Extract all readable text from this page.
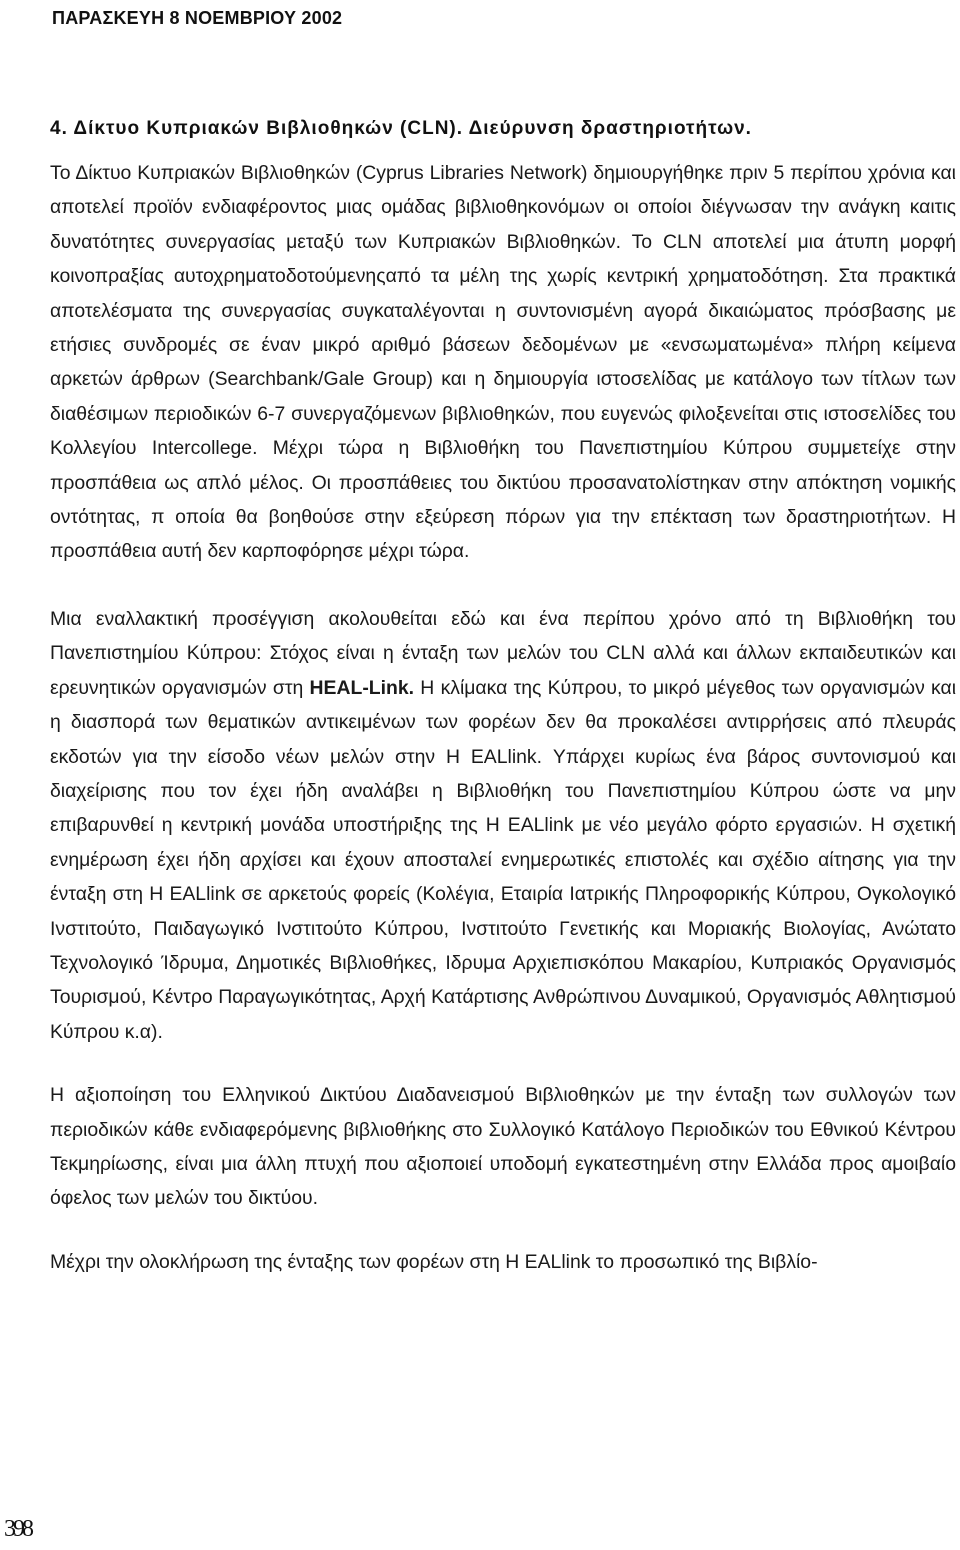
ΠΑΡΑΣΚΕΥΗ 8 ΝΟΕΜΒΡΙΟΥ 2002
4. Δίκτυο Κυπριακών Βιβλιοθηκών (CLN). Διεύρυνση δραστηριοτήτων.

Το Δίκτυο Κυπριακών Βιβλιοθηκών (Cyprus Libraries Network) δημιουργήθηκε πριν 5 περίπου χρόνια και αποτελεί προϊόν ενδιαφέροντος μιας ομάδας βιβλιοθηκονόμων οι οποίοι διέγνωσαν την ανάγκη καιτις δυνατότητες συνεργασίας μεταξύ των Κυπριακών Βιβλιοθηκών. Το CLN αποτελεί μια άτυπη μορφή κοινοπραξίας αυτοχρηματοδοτούμενηςαπό τα μέλη της χωρίς κεντρική χρηματοδότηση. Στα πρακτικά αποτελέσματα της συνεργασίας συγκαταλέγονται η συντονισμένη αγορά δικαιώματος πρόσβασης με ετήσιες συνδρομές σε έναν μικρό αριθμό βάσεων δεδομένων με «ενσωματωμένα» πλήρη κείμενα αρκετών άρθρων (Searchbank/Gale Group) και η δημιουργία ιστοσελίδας με κατάλογο των τίτλων των διαθέσιμων περιοδικών 6-7 συνεργαζόμενων βιβλιοθηκών, που ευγενώς φιλοξενείται στις ιστοσελίδες του Κολλεγίου Intercollege. Μέχρι τώρα η Βιβλιοθήκη του Πανεπιστημίου Κύπρου συμμετείχε στην προσπάθεια ως απλό μέλος. Οι προσπάθειες του δικτύου προσανατολίστηκαν στην απόκτηση νομικής οντότητας, π οποία θα βοηθούσε στην εξεύρεση πόρων για την επέκταση των δραστηριοτήτων. Η προσπάθεια αυτή δεν καρποφόρησε μέχρι τώρα.

Μια εναλλακτική προσέγγιση ακολουθείται εδώ και ένα περίπου χρόνο από τη Βιβλιοθήκη του Πανεπιστημίου Κύπρου: Στόχος είναι η ένταξη των μελών του CLN αλλά και άλλων εκπαιδευτικών και ερευνητικών οργανισμών στη HEAL-Link. Η κλίμακα της Κύπρου, το μικρό μέγεθος των οργανισμών και η διασπορά των θεματικών αντικειμένων των φορέων δεν θα προκαλέσει αντιρρήσεις από πλευράς εκδοτών για την είσοδο νέων μελών στην Η EALlink. Υπάρχει κυρίως ένα βάρος συντονισμού και διαχείρισης που τον έχει ήδη αναλάβει η Βιβλιοθήκη του Πανεπιστημίου Κύπρου ώστε να μην επιβαρυνθεί η κεντρική μονάδα υποστήριξης της Η EALlink με νέο μεγάλο φόρτο εργασιών. Η σχετική ενημέρωση έχει ήδη αρχίσει και έχουν αποσταλεί ενημερωτικές επιστολές και σχέδιο αίτησης για την ένταξη στη Η EALlink σε αρκετούς φορείς (Κολέγια, Εταιρία Ιατρικής Πληροφορικής Κύπρου, Ογκολογικό Ινστιτούτο, Παιδαγωγικό Ινστιτούτο Κύπρου, Ινστιτούτο Γενετικής και Μοριακής Βιολογίας, Ανώτατο Τεχνολογικό Ίδρυμα, Δημοτικές Βιβλιοθήκες, Ιδρυμα Αρχιεπισκόπου Μακαρίου, Κυπριακός Οργανισμός Τουρισμού, Κέντρο Παραγωγικότητας, Αρχή Κατάρτισης Ανθρώπινου Δυναμικού, Οργανισμός Αθλητισμού Κύπρου κ.α).

Η αξιοποίηση του Ελληνικού Δικτύου Διαδανεισμού Βιβλιοθηκών με την ένταξη των συλλογών των περιοδικών κάθε ενδιαφερόμενης βιβλιοθήκης στο Συλλογικό Κατάλογο Περιοδικών του Εθνικού Κέντρου Τεκμηρίωσης, είναι μια άλλη πτυχή που αξιοποιεί υποδομή εγκατεστημένη στην Ελλάδα προς αμοιβαίο όφελος των μελών του δικτύου.

Μέχρι την ολοκλήρωση της ένταξης των φορέων στη Η EALlink το προσωπικό της Βιβλίο-

398
